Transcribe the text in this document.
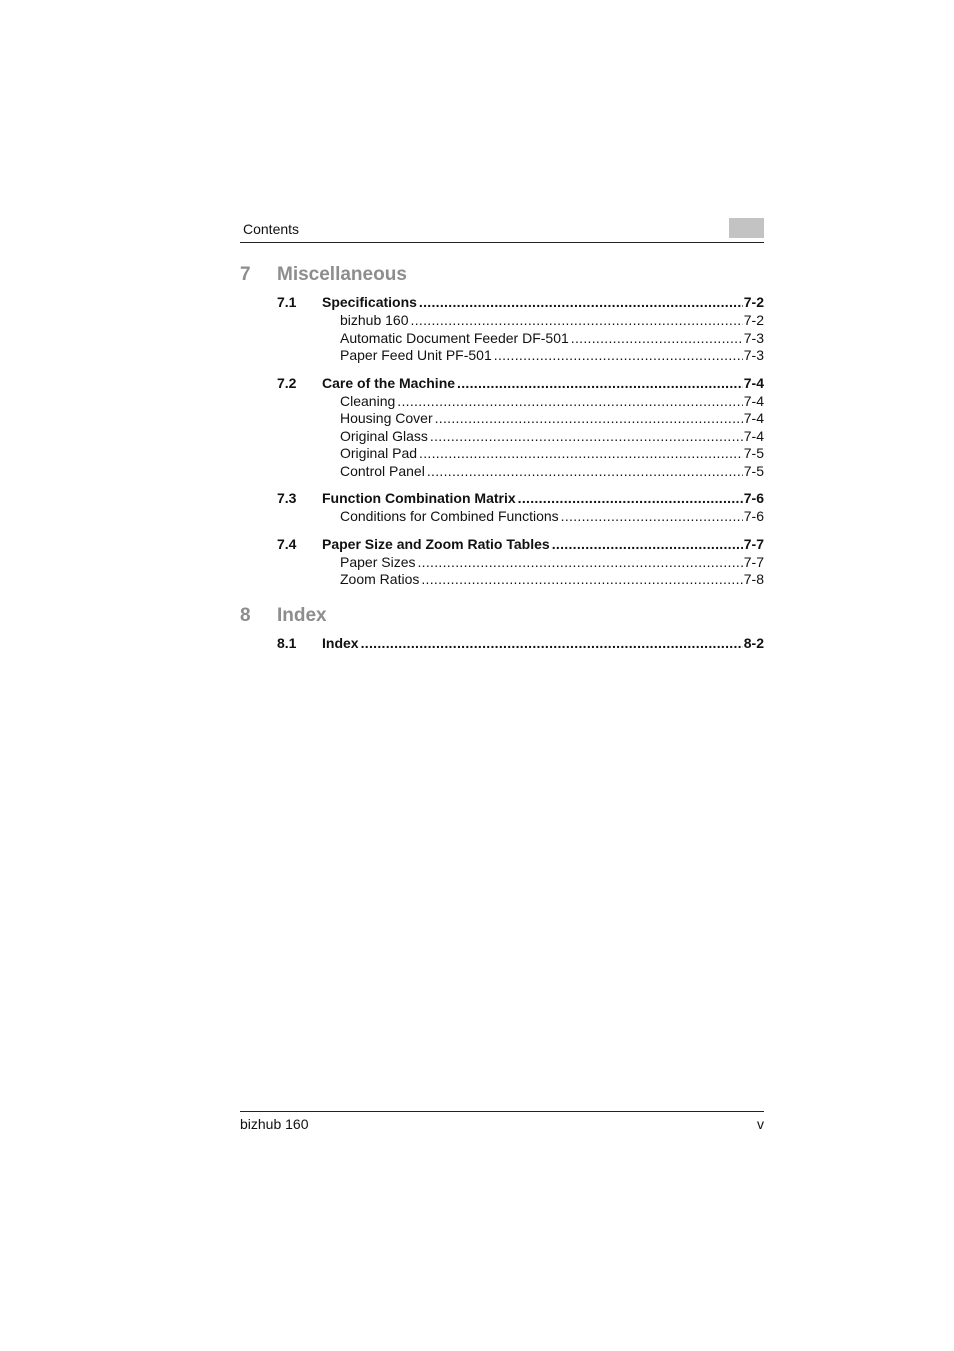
Contents
7 Miscellaneous
7.1	Specifications .....	7-2
bizhub 160 .....	7-2
Automatic Document Feeder DF-501 .....	7-3
Paper Feed Unit PF-501 .....	7-3
7.2	Care of the Machine .....	7-4
Cleaning .....	7-4
Housing Cover .....	7-4
Original Glass .....	7-4
Original Pad .....	7-5
Control Panel .....	7-5
7.3	Function Combination Matrix .....	7-6
Conditions for Combined Functions .....	7-6
7.4	Paper Size and Zoom Ratio Tables .....	7-7
Paper Sizes .....	7-7
Zoom Ratios .....	7-8
8 Index
8.1	Index .....	8-2
bizhub 160	v
